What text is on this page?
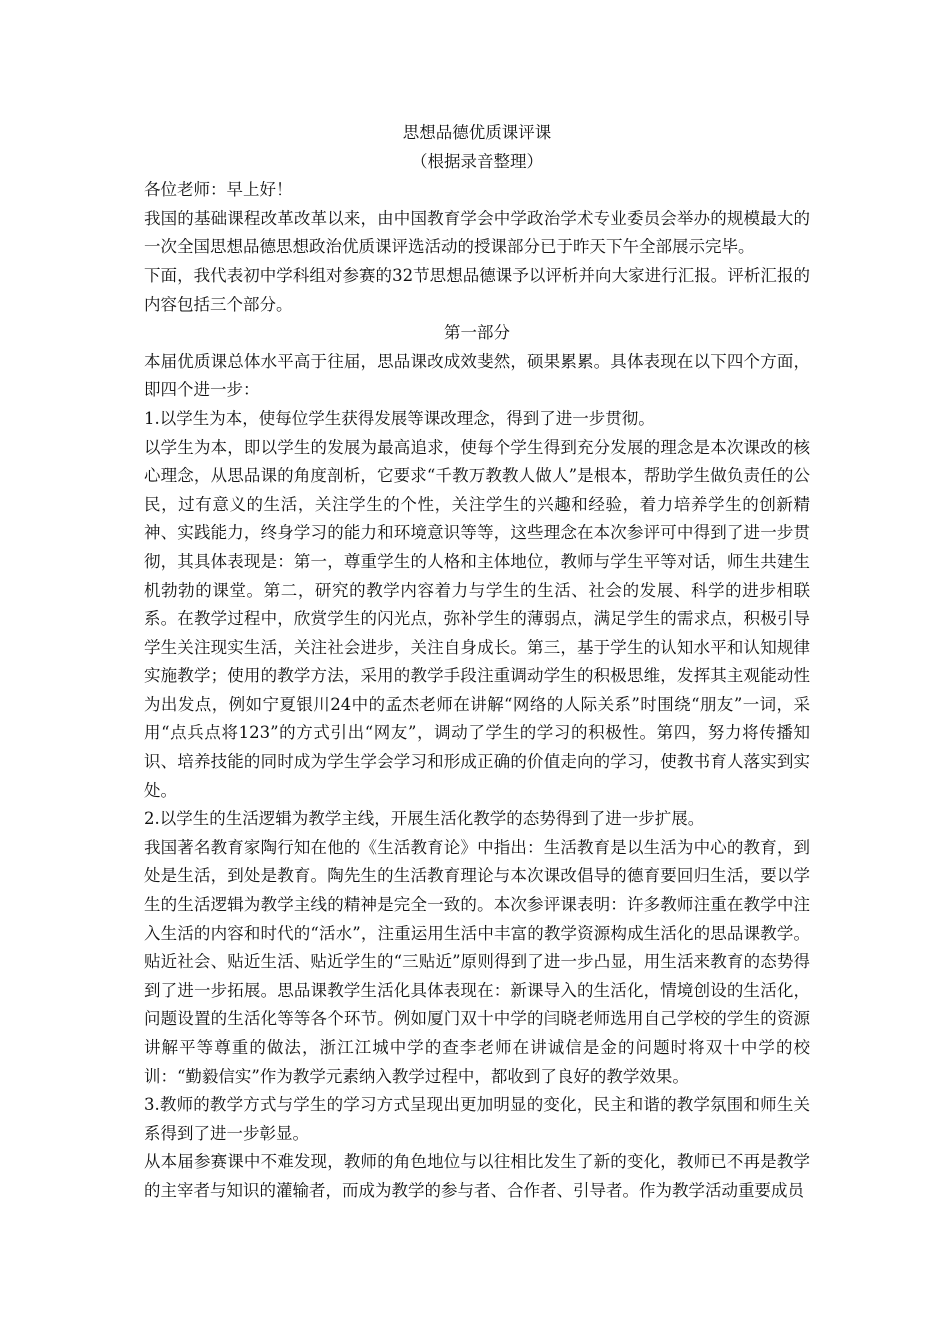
思想品德优质课评课
（根据录音整理）

各位老师：早上好！

我国的基础课程改革改革以来，由中国教育学会中学政治学术专业委员会举办的规模最大的一次全国思想品德思想政治优质课评选活动的授课部分已于昨天下午全部展示完毕。

下面，我代表初中学科组对参赛的32节思想品德课予以评析并向大家进行汇报。评析汇报的内容包括三个部分。

第一部分

本届优质课总体水平高于往届，思品课改成效斐然，硕果累累。具体表现在以下四个方面，即四个进一步：

1.以学生为本，使每位学生获得发展等课改理念，得到了进一步贯彻。

以学生为本，即以学生的发展为最高追求，使每个学生得到充分发展的理念是本次课改的核心理念，从思品课的角度剖析，它要求“千教万教教人做人”是根本，帮助学生做负责任的公民，过有意义的生活，关注学生的个性，关注学生的兴趣和经验，着力培养学生的创新精神、实践能力，终身学习的能力和环境意识等等，这些理念在本次参评可中得到了进一步贯彻，其具体表现是：第一，尊重学生的人格和主体地位，教师与学生平等对话，师生共建生机勃勃的课堂。第二，研究的教学内容着力与学生的生活、社会的发展、科学的进步相联系。在教学过程中，欣赏学生的闪光点，弥补学生的薄弱点，满足学生的需求点，积极引导学生关注现实生活，关注社会进步，关注自身成长。第三，基于学生的认知水平和认知规律实施教学；使用的教学方法，采用的教学手段注重调动学生的积极思维，发挥其主观能动性为出发点，例如宁夏银川24中的孟杰老师在讲解“网络的人际关系”时围绕“朋友”一词，采用“点兵点将123”的方式引出“网友”，调动了学生的学习的积极性。第四，努力将传播知识、培养技能的同时成为学生学会学习和形成正确的价值走向的学习，使教书育人落实到实处。

2.以学生的生活逻辑为教学主线，开展生活化教学的态势得到了进一步扩展。

我国著名教育家陶行知在他的《生活教育论》中指出：生活教育是以生活为中心的教育，到处是生活，到处是教育。陶先生的生活教育理论与本次课改倡导的德育要回归生活，要以学生的生活逻辑为教学主线的精神是完全一致的。本次参评课表明：许多教师注重在教学中注入生活的内容和时代的“活水”，注重运用生活中丰富的教学资源构成生活化的思品课教学。贴近社会、贴近生活、贴近学生的“三贴近”原则得到了进一步凸显，用生活来教育的态势得到了进一步拓展。思品课教学生活化具体表现在：新课导入的生活化，情境创设的生活化，问题设置的生活化等等各个环节。例如厦门双十中学的闫晓老师选用自己学校的学生的资源讲解平等尊重的做法，浙江江城中学的查李老师在讲诚信是金的问题时将双十中学的校训：“勤毅信实”作为教学元素纳入教学过程中，都收到了良好的教学效果。

3.教师的教学方式与学生的学习方式呈现出更加明显的变化，民主和谐的教学氛围和师生关系得到了进一步彰显。

从本届参赛课中不难发现，教师的角色地位与以往相比发生了新的变化，教师已不再是教学的主宰者与知识的灌输者，而成为教学的参与者、合作者、引导者。作为教学活动重要成员
